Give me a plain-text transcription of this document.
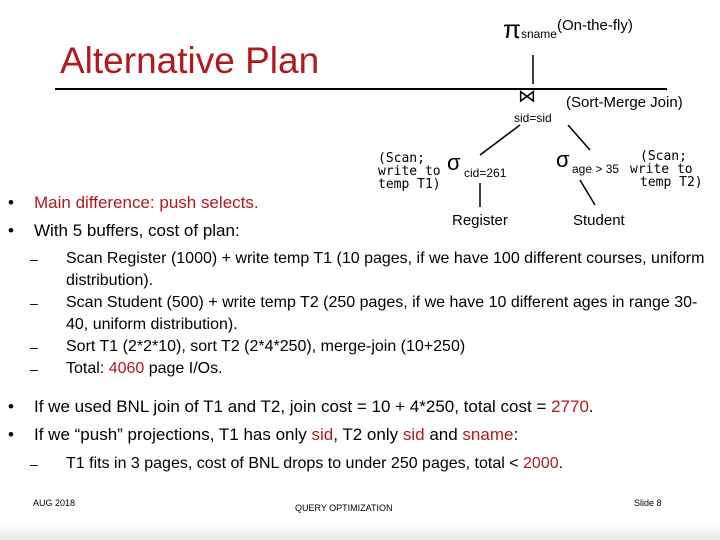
Alternative Plan
πsname(On-the-fly)
⋈ (Sort-Merge Join)
sid=sid
(Scan;
write to
temp T1)
σ cid=261
Register
σ age > 35
(Scan;
write to
temp T2)
Student
• Main difference: push selects.
• With 5 buffers, cost of plan:
– Scan Register (1000) + write temp T1 (10 pages, if we have 100 different courses, uniform distribution).
– Scan Student (500) + write temp T2 (250 pages, if we have 10 different ages in range 30-40, uniform distribution).
– Sort T1 (2*2*10), sort T2 (2*4*250), merge-join (10+250)
– Total: 4060 page I/Os.
• If we used BNL join of T1 and T2, join cost = 10 + 4*250, total cost = 2770.
• If we “push” projections, T1 has only sid, T2 only sid and sname:
– T1 fits in 3 pages, cost of BNL drops to under 250 pages, total < 2000.
AUG 2018	QUERY OPTIMIZATION	Slide 8
